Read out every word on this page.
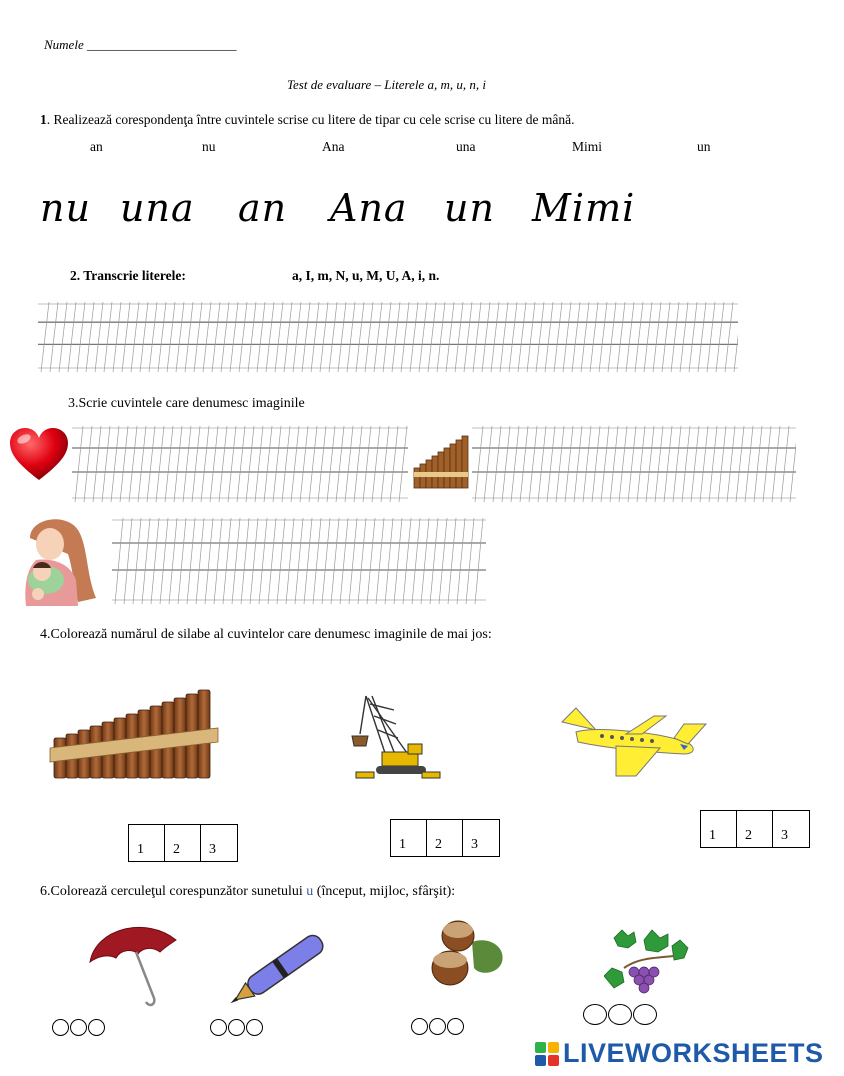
Numele _______________________
Test de evaluare – Literele a, m, u, n, i
1. Realizează corespondenţa între cuvintele scrise cu litere de tipar cu cele scrise cu litere de mână.
an	nu	Ana	una	Mimi	un
nu una an Ana un Mimi
2. Transcrie literele:	a, I, m, N, u, M, U, A, i, n.
3.Scrie cuvintele care denumesc imaginile
4.Colorează numărul de silabe al cuvintelor care denumesc imaginile de mai jos:
1	2	3	1	2	3
1	2	3
6.Colorează cerculeţul corespunzător sunetului u (început, mijloc, sfârşit):
LIVEWORKSHEETS
